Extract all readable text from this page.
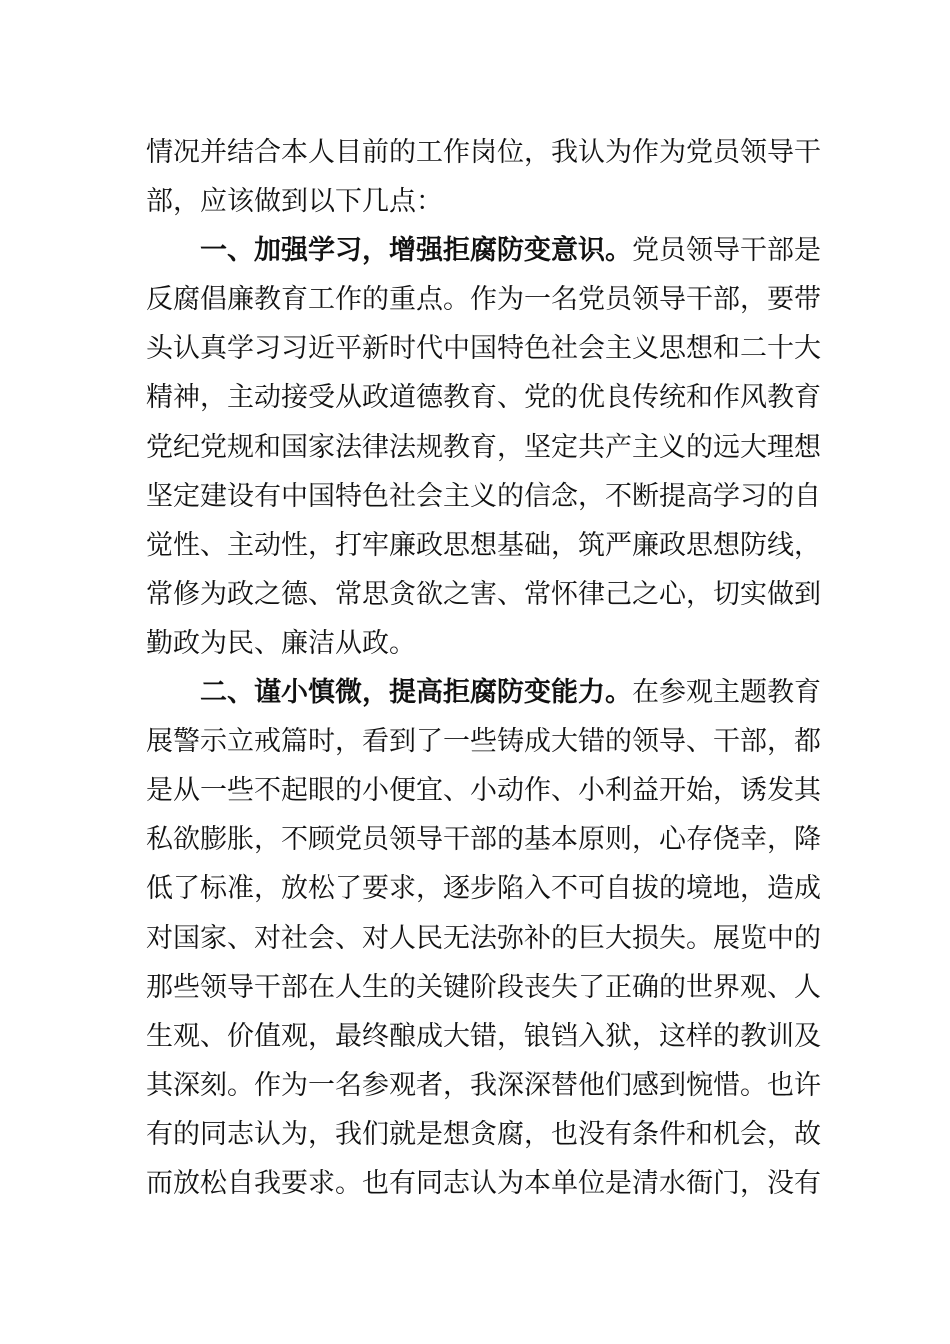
情况并结合本人目前的工作岗位，我认为作为党员领导干
部，应该做到以下几点：
一、加强学习，增强拒腐防变意识。党员领导干部是
反腐倡廉教育工作的重点。作为一名党员领导干部，要带
头认真学习习近平新时代中国特色社会主义思想和二十大
精神，主动接受从政道德教育、党的优良传统和作风教育
党纪党规和国家法律法规教育，坚定共产主义的远大理想
坚定建设有中国特色社会主义的信念，不断提高学习的自
觉性、主动性，打牢廉政思想基础，筑严廉政思想防线，
常修为政之德、常思贪欲之害、常怀律己之心，切实做到
勤政为民、廉洁从政。
二、谨小慎微，提高拒腐防变能力。在参观主题教育
展警示立戒篇时，看到了一些铸成大错的领导、干部，都
是从一些不起眼的小便宜、小动作、小利益开始，诱发其
私欲膨胀，不顾党员领导干部的基本原则，心存侥幸，降
低了标准，放松了要求，逐步陷入不可自拔的境地，造成
对国家、对社会、对人民无法弥补的巨大损失。展览中的
那些领导干部在人生的关键阶段丧失了正确的世界观、人
生观、价值观，最终酿成大错，锒铛入狱，这样的教训及
其深刻。作为一名参观者，我深深替他们感到惋惜。也许
有的同志认为，我们就是想贪腐，也没有条件和机会，故
而放松自我要求。也有同志认为本单位是清水衙门，没有
